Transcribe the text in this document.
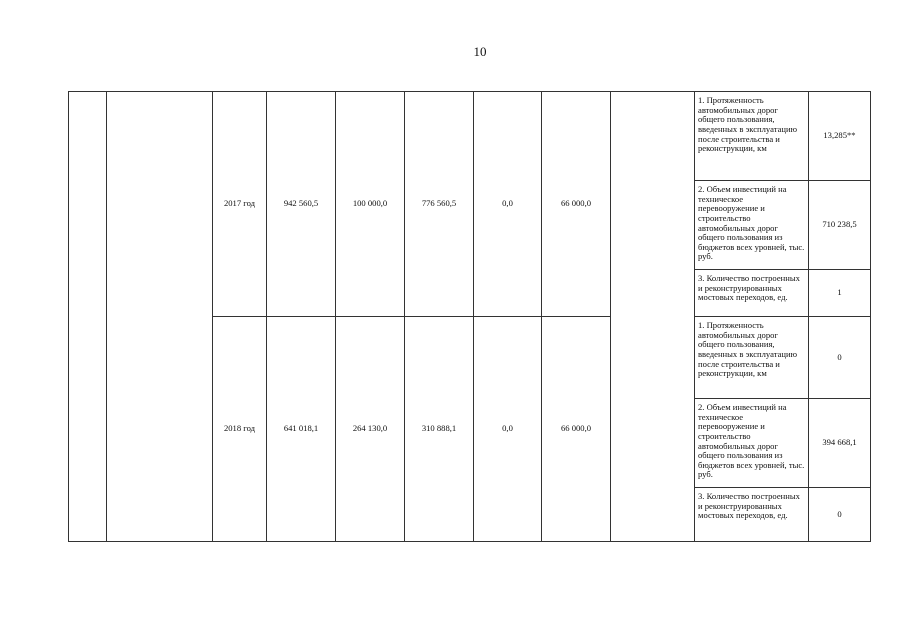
10
		2017 год	942 560,5	100 000,0	776 560,5	0,0	66 000,0		1. Протяженность автомобильных дорог общего пользования, введенных в эксплуатацию после строительства и реконструкции, км	13,285**
									2. Объем инвестиций на техническое перевооружение и строительство автомобильных дорог общего пользования из бюджетов всех уровней, тыс. руб.	710 238,5
									3. Количество построенных и реконструированных мостовых переходов, ед.	1
		2018 год	641 018,1	264 130,0	310 888,1	0,0	66 000,0		1. Протяженность автомобильных дорог общего пользования, введенных в эксплуатацию после строительства и реконструкции, км	0
									2. Объем инвестиций на техническое перевооружение и строительство автомобильных дорог общего пользования из бюджетов всех уровней, тыс. руб.	394 668,1
									3. Количество построенных и реконструированных мостовых переходов, ед.	0
